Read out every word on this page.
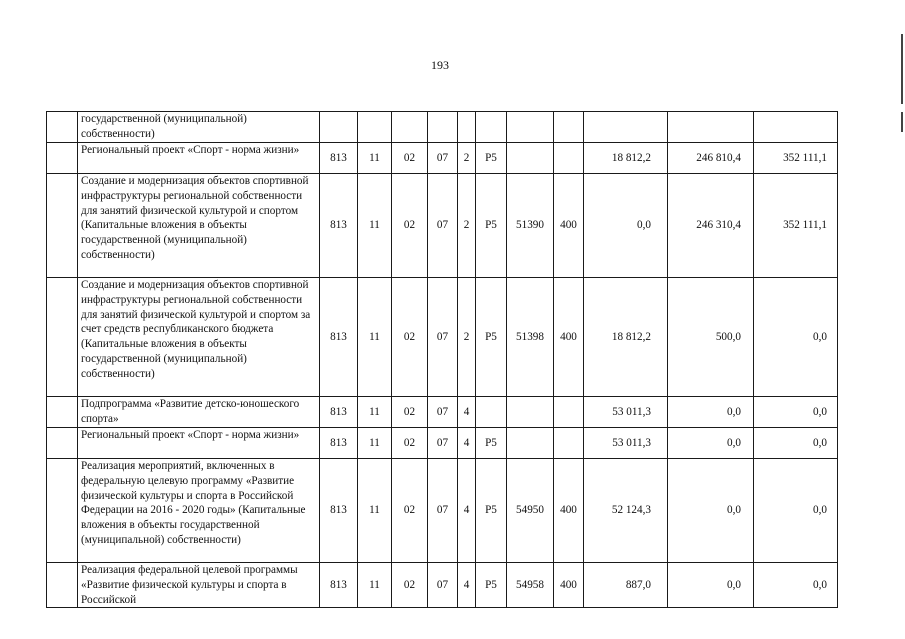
193
	государственной (муниципальной) собственности)											
	Региональный проект «Спорт - норма жизни»	813	11	02	07	2	P5			18 812,2	246 810,4	352 111,1
	Создание и модернизация объектов спортивной инфраструктуры региональной собственности для занятий физической культурой и спортом (Капитальные вложения в объекты государственной (муниципальной) собственности)	813	11	02	07	2	P5	51390	400	0,0	246 310,4	352 111,1
	Создание и модернизация объектов спортивной инфраструктуры региональной собственности для занятий физической культурой и спортом за счет средств республиканского бюджета (Капитальные вложения в объекты государственной (муниципальной) собственности)	813	11	02	07	2	P5	51398	400	18 812,2	500,0	0,0
	Подпрограмма «Развитие детско-юношеского спорта»	813	11	02	07	4				53 011,3	0,0	0,0
	Региональный проект «Спорт - норма жизни»	813	11	02	07	4	P5			53 011,3	0,0	0,0
	Реализация мероприятий, включенных в федеральную целевую программу «Развитие физической культуры и спорта в Российской Федерации на 2016 - 2020 годы» (Капитальные вложения в объекты государственной (муниципальной) собственности)	813	11	02	07	4	P5	54950	400	52 124,3	0,0	0,0
	Реализация федеральной целевой программы «Развитие физической культуры и спорта в Российской	813	11	02	07	4	P5	54958	400	887,0	0,0	0,0
